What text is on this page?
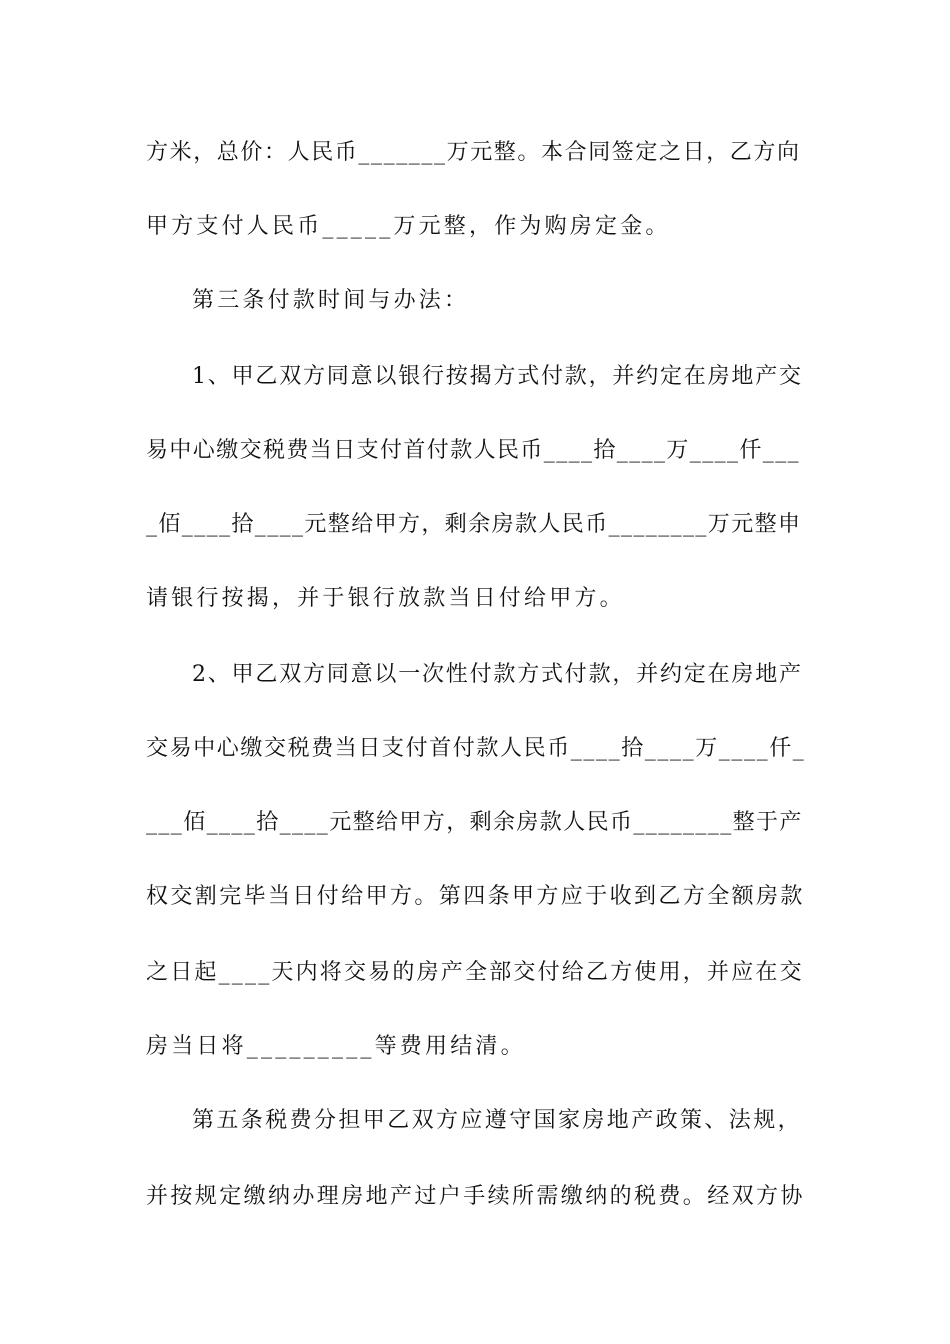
方米，总价：人民币_______万元整。本合同签定之日，乙方向
甲方支付人民币_____万元整，作为购房定金。
第三条付款时间与办法：
1、甲乙双方同意以银行按揭方式付款，并约定在房地产交
易中心缴交税费当日支付首付款人民币____拾____万____仟___
_佰____拾____元整给甲方，剩余房款人民币________万元整申
请银行按揭，并于银行放款当日付给甲方。
2、甲乙双方同意以一次性付款方式付款，并约定在房地产
交易中心缴交税费当日支付首付款人民币____拾____万____仟_
___佰____拾____元整给甲方，剩余房款人民币________整于产
权交割完毕当日付给甲方。第四条甲方应于收到乙方全额房款
之日起____天内将交易的房产全部交付给乙方使用，并应在交
房当日将_________等费用结清。
第五条税费分担甲乙双方应遵守国家房地产政策、法规，
并按规定缴纳办理房地产过户手续所需缴纳的税费。经双方协
